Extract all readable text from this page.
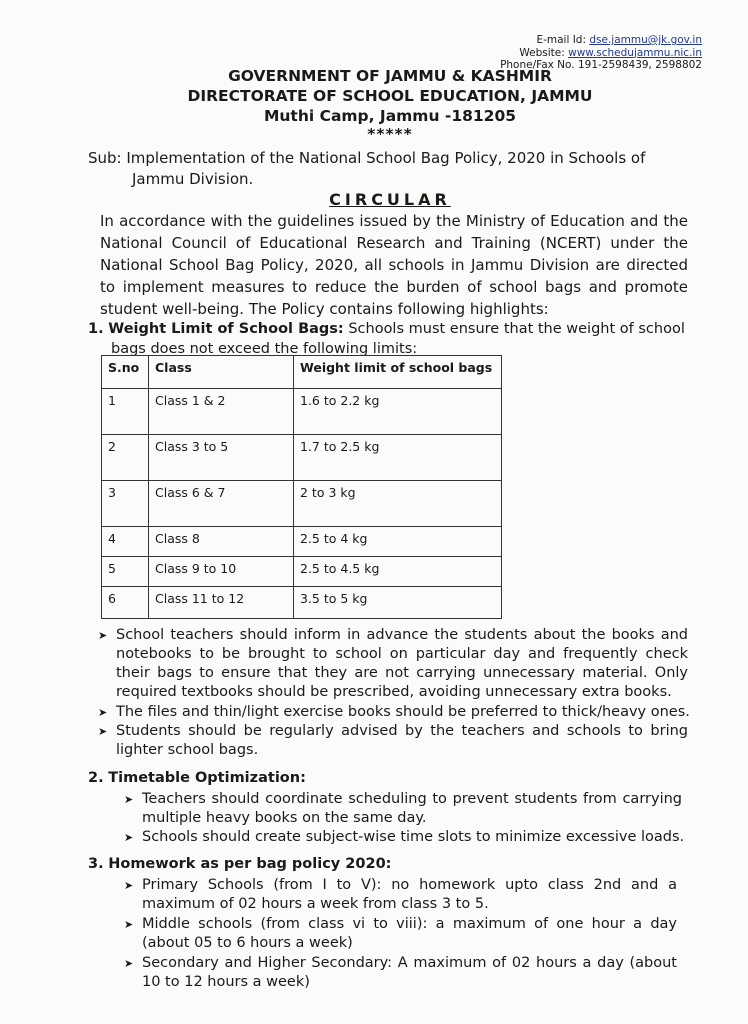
E-mail Id: dse.jammu@jk.gov.in
Website: www.schedujammu.nic.in
Phone/Fax No. 191-2598439, 2598802
GOVERNMENT OF JAMMU & KASHMIR
DIRECTORATE OF SCHOOL EDUCATION, JAMMU
Muthi Camp, Jammu -181205
*****
Sub: Implementation of the National School Bag Policy, 2020 in Schools of
Jammu Division.
CIRCULAR
In accordance with the guidelines issued by the Ministry of Education and the National Council of Educational Research and Training (NCERT) under the National School Bag Policy, 2020, all schools in Jammu Division are directed to implement measures to reduce the burden of school bags and promote student well-being. The Policy contains following highlights:
1. Weight Limit of School Bags: Schools must ensure that the weight of school
bags does not exceed the following limits:
S.no	Class	Weight limit of school bags
1	Class 1 & 2	1.6 to 2.2 kg
2	Class 3 to 5	1.7 to 2.5 kg
3	Class 6 & 7	2 to 3 kg
4	Class 8	2.5 to 4 kg
5	Class 9 to 10	2.5 to 4.5 kg
6	Class 11 to 12	3.5 to 5 kg
➤ School teachers should inform in advance the students about the books and notebooks to be brought to school on particular day and frequently check their bags to ensure that they are not carrying unnecessary material. Only required textbooks should be prescribed, avoiding unnecessary extra books.
➤ The files and thin/light exercise books should be preferred to thick/heavy ones.
➤ Students should be regularly advised by the teachers and schools to bring lighter school bags.
2. Timetable Optimization:
➤ Teachers should coordinate scheduling to prevent students from carrying multiple heavy books on the same day.
➤ Schools should create subject-wise time slots to minimize excessive loads.
3. Homework as per bag policy 2020:
➤ Primary Schools (from I to V): no homework upto class 2nd and a maximum of 02 hours a week from class 3 to 5.
➤ Middle schools (from class vi to viii): a maximum of one hour a day (about 05 to 6 hours a week)
➤ Secondary and Higher Secondary: A maximum of 02 hours a day (about 10 to 12 hours a week)
